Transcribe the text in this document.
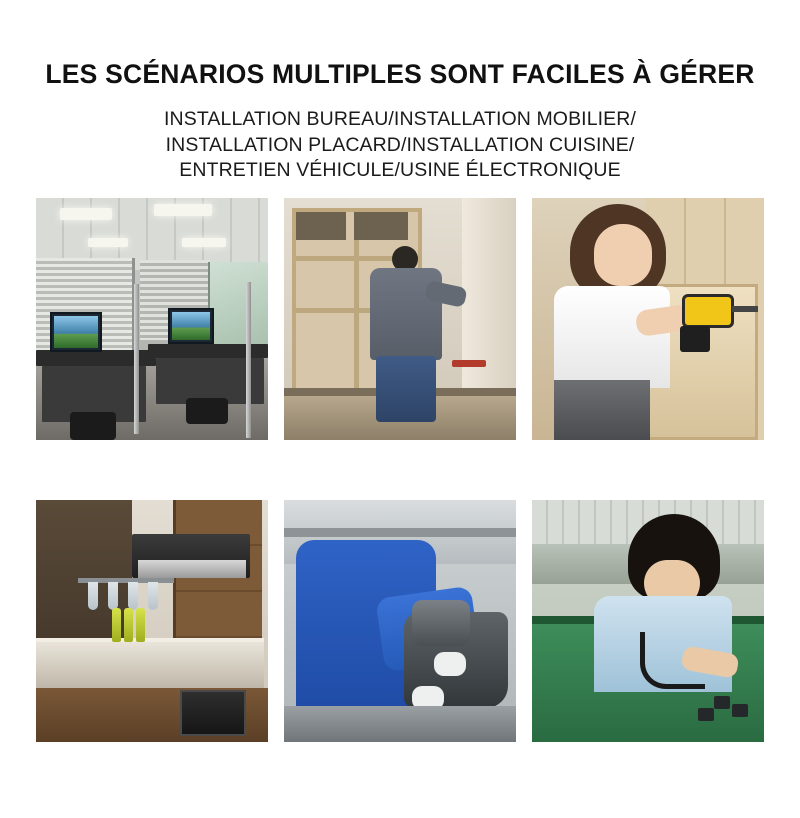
LES SCÉNARIOS MULTIPLES SONT FACILES À GÉRER
INSTALLATION BUREAU/INSTALLATION MOBILIER/
INSTALLATION PLACARD/INSTALLATION CUISINE/
ENTRETIEN VÉHICULE/USINE ÉLECTRONIQUE
